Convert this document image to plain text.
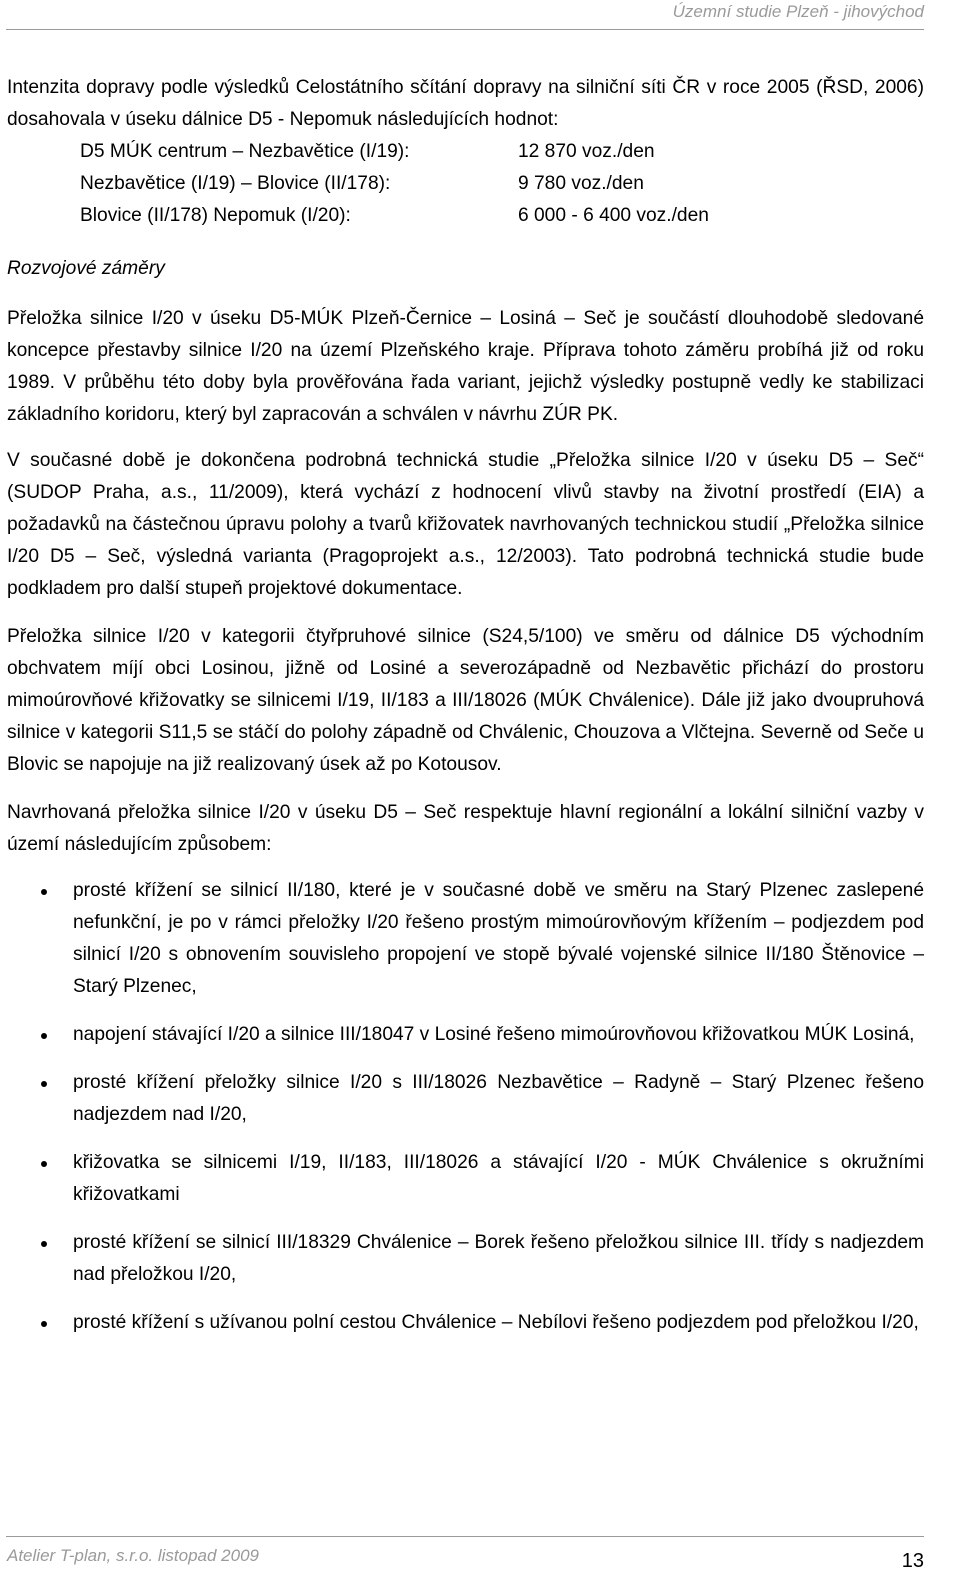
Územní studie Plzeň - jihovýchod

Intenzita dopravy podle výsledků Celostátního sčítání dopravy na silniční síti ČR v roce 2005 (ŘSD, 2006) dosahovala v úseku dálnice D5 - Nepomuk následujících hodnot:

D5 MÚK centrum – Nezbavětice (I/19):	12 870 voz./den
Nezbavětice (I/19) – Blovice (II/178):	9 780 voz./den
Blovice (II/178) Nepomuk (I/20):	6 000 - 6 400 voz./den
Rozvojové záměry

Přeložka silnice I/20 v úseku D5-MÚK Plzeň-Černice – Losiná – Seč je součástí dlouhodobě sledované koncepce přestavby silnice I/20 na území Plzeňského kraje. Příprava tohoto záměru probíhá již od roku 1989. V průběhu této doby byla prověřována řada variant, jejichž výsledky postupně vedly ke stabilizaci základního koridoru, který byl zapracován a schválen v návrhu ZÚR PK.

V současné době je dokončena podrobná technická studie „Přeložka silnice I/20 v úseku D5 – Seč“ (SUDOP Praha, a.s., 11/2009), která vychází z hodnocení vlivů stavby na životní prostředí (EIA) a požadavků na částečnou úpravu polohy a tvarů křižovatek navrhovaných technickou studií „Přeložka silnice I/20 D5 – Seč, výsledná varianta (Pragoprojekt a.s., 12/2003). Tato podrobná technická studie bude podkladem pro další stupeň projektové dokumentace.

Přeložka silnice I/20 v kategorii čtyřpruhové silnice (S24,5/100) ve směru od dálnice D5 východním obchvatem míjí obci Losinou, jižně od Losiné a severozápadně od Nezbavětic přichází do prostoru mimoúrovňové křižovatky se silnicemi I/19, II/183 a III/18026 (MÚK Chválenice). Dále již jako dvoupruhová silnice v kategorii S11,5 se stáčí do polohy západně od Chválenic, Chouzova a Vlčtejna. Severně od Seče u Blovic se napojuje na již realizovaný úsek až po Kotousov.

Navrhovaná přeložka silnice I/20 v úseku D5 – Seč respektuje hlavní regionální a lokální silniční vazby v území následujícím způsobem:

prosté křížení se silnicí II/180, které je v současné době ve směru na Starý Plzenec zaslepené nefunkční, je po v rámci přeložky I/20 řešeno prostým mimoúrovňovým křížením – podjezdem pod silnicí I/20 s obnovením souvisleho propojení ve stopě bývalé vojenské silnice II/180 Štěnovice – Starý Plzenec,
napojení stávající I/20 a silnice III/18047 v Losiné řešeno mimoúrovňovou křižovatkou MÚK Losiná,
prosté křížení přeložky silnice I/20 s III/18026 Nezbavětice – Radyně – Starý Plzenec řešeno nadjezdem nad I/20,
křižovatka se silnicemi I/19, II/183, III/18026 a stávající I/20 - MÚK Chválenice s okružními křižovatkami
prosté křížení se silnicí III/18329 Chválenice – Borek řešeno přeložkou silnice III. třídy s nadjezdem nad přeložkou I/20,
prosté křížení s užívanou polní cestou Chválenice – Nebílovi řešeno podjezdem pod přeložkou I/20,
Atelier T-plan, s.r.o. listopad 2009	13
